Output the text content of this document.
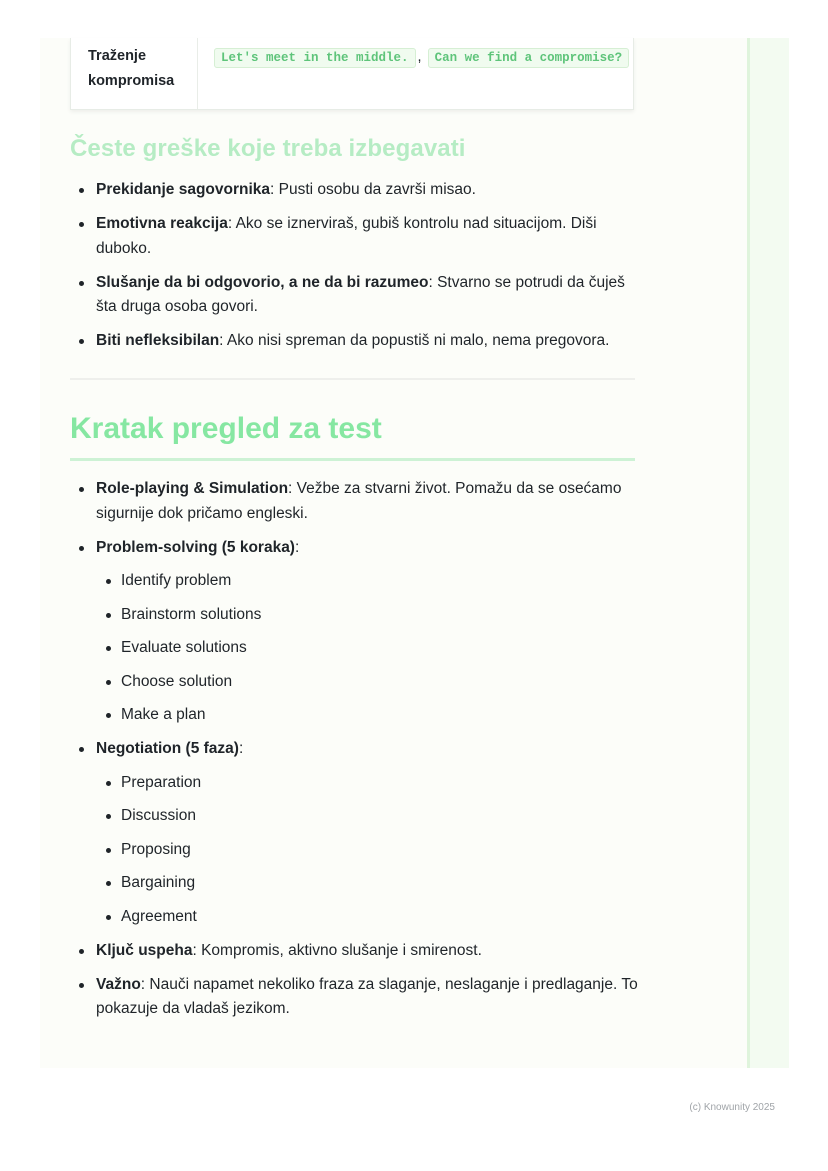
Traženje kompromisa
Let's meet in the middle. , Can we find a compromise?
Česte greške koje treba izbegavati
Prekidanje sagovornika: Pusti osobu da završi misao.
Emotivna reakcija: Ako se iznerviraš, gubiš kontrolu nad situacijom. Diši duboko.
Slušanje da bi odgovorio, a ne da bi razumeo: Stvarno se potrudi da čuješ šta druga osoba govori.
Biti nefleksibilan: Ako nisi spreman da popustiš ni malo, nema pregovora.
Kratak pregled za test
Role-playing & Simulation: Vežbe za stvarni život. Pomažu da se osećamo sigurnije dok pričamo engleski.
Problem-solving (5 koraka):
Identify problem
Brainstorm solutions
Evaluate solutions
Choose solution
Make a plan
Negotiation (5 faza):
Preparation
Discussion
Proposing
Bargaining
Agreement
Ključ uspeha: Kompromis, aktivno slušanje i smirenost.
Važno: Nauči napamet nekoliko fraza za slaganje, neslaganje i predlaganje. To pokazuje da vladaš jezikom.
(c) Knowunity 2025
